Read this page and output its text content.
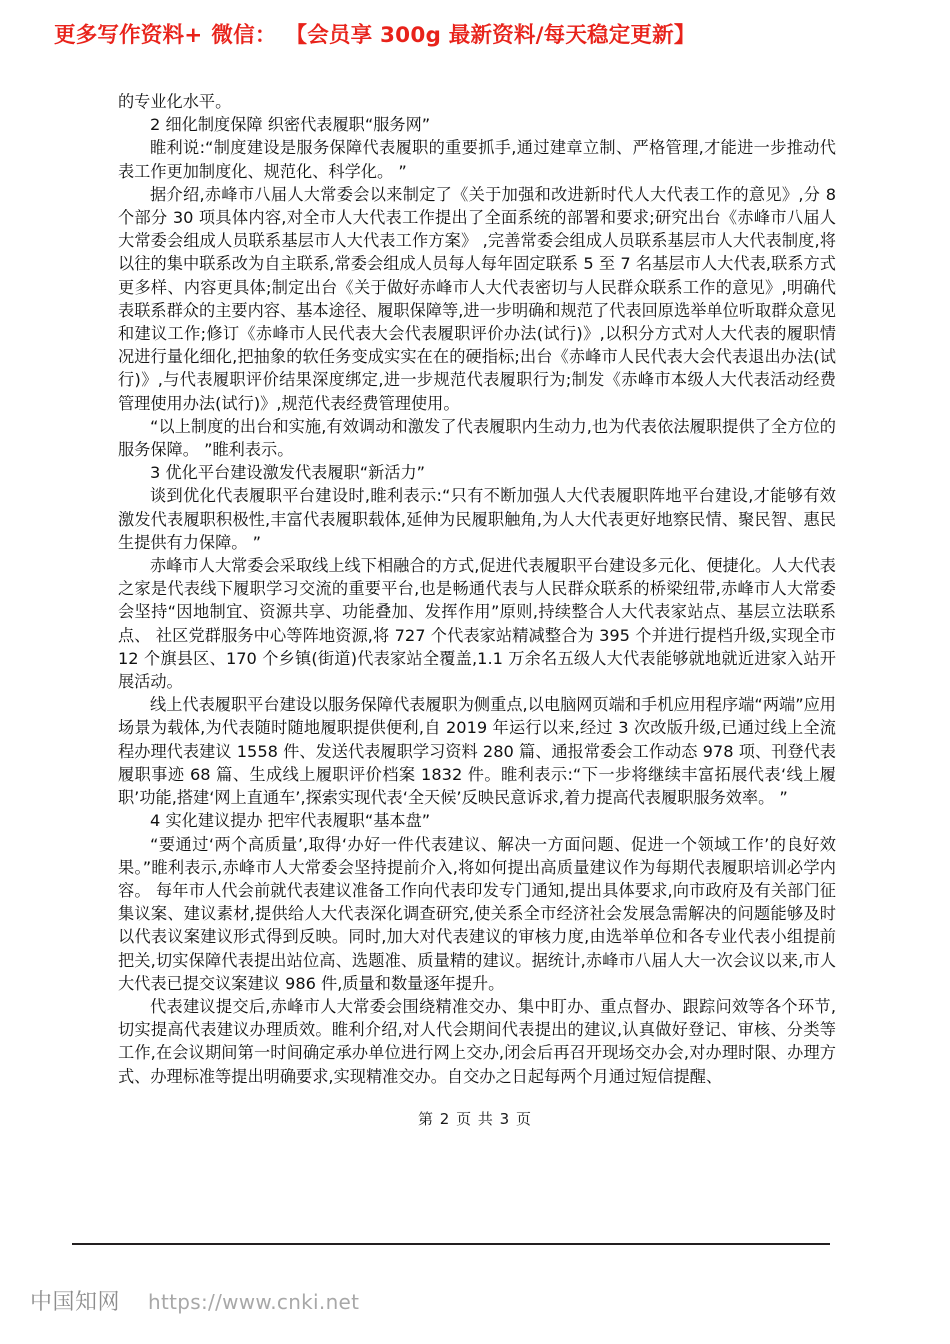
更多写作资料+ 微信： 【会员享 300g 最新资料/每天稳定更新】

的专业化水平。

2 细化制度保障 织密代表履职“服务网”

睢利说:“制度建设是服务保障代表履职的重要抓手,通过建章立制、严格管理,才能进一步推动代表工作更加制度化、规范化、科学化。 ”

据介绍,赤峰市八届人大常委会以来制定了《关于加强和改进新时代人大代表工作的意见》,分 8 个部分 30 项具体内容,对全市人大代表工作提出了全面系统的部署和要求;研究出台《赤峰市八届人大常委会组成人员联系基层市人大代表工作方案》 ,完善常委会组成人员联系基层市人大代表制度,将以往的集中联系改为自主联系,常委会组成人员每人每年固定联系 5 至 7 名基层市人大代表,联系方式更多样、内容更具体;制定出台《关于做好赤峰市人大代表密切与人民群众联系工作的意见》,明确代表联系群众的主要内容、基本途径、履职保障等,进一步明确和规范了代表回原选举单位听取群众意见和建议工作;修订《赤峰市人民代表大会代表履职评价办法(试行)》,以积分方式对人大代表的履职情况进行量化细化,把抽象的软任务变成实实在在的硬指标;出台《赤峰市人民代表大会代表退出办法(试行)》,与代表履职评价结果深度绑定,进一步规范代表履职行为;制发《赤峰市本级人大代表活动经费管理使用办法(试行)》,规范代表经费管理使用。

“以上制度的出台和实施,有效调动和激发了代表履职内生动力,也为代表依法履职提供了全方位的服务保障。 ”睢利表示。

3 优化平台建设激发代表履职“新活力”

谈到优化代表履职平台建设时,睢利表示:“只有不断加强人大代表履职阵地平台建设,才能够有效激发代表履职积极性,丰富代表履职载体,延伸为民履职触角,为人大代表更好地察民情、聚民智、惠民生提供有力保障。 ”

赤峰市人大常委会采取线上线下相融合的方式,促进代表履职平台建设多元化、便捷化。人大代表之家是代表线下履职学习交流的重要平台,也是畅通代表与人民群众联系的桥梁纽带,赤峰市人大常委会坚持“因地制宜、资源共享、功能叠加、发挥作用”原则,持续整合人大代表家站点、基层立法联系点、 社区党群服务中心等阵地资源,将 727 个代表家站精减整合为 395 个并进行提档升级,实现全市 12 个旗县区、170 个乡镇(街道)代表家站全覆盖,1.1 万余名五级人大代表能够就地就近进家入站开展活动。

线上代表履职平台建设以服务保障代表履职为侧重点,以电脑网页端和手机应用程序端“两端”应用场景为载体,为代表随时随地履职提供便利,自 2019 年运行以来,经过 3 次改版升级,已通过线上全流程办理代表建议 1558 件、发送代表履职学习资料 280 篇、通报常委会工作动态 978 项、刊登代表履职事迹 68 篇、生成线上履职评价档案 1832 件。睢利表示:“下一步将继续丰富拓展代表‘线上履职’功能,搭建‘网上直通车’,探索实现代表‘全天候’反映民意诉求,着力提高代表履职服务效率。 ”

4 实化建议提办 把牢代表履职“基本盘”

“要通过‘两个高质量’,取得‘办好一件代表建议、解决一方面问题、促进一个领域工作’的良好效果。”睢利表示,赤峰市人大常委会坚持提前介入,将如何提出高质量建议作为每期代表履职培训必学内容。 每年市人代会前就代表建议准备工作向代表印发专门通知,提出具体要求,向市政府及有关部门征集议案、建议素材,提供给人大代表深化调查研究,使关系全市经济社会发展急需解决的问题能够及时以代表议案建议形式得到反映。同时,加大对代表建议的审核力度,由选举单位和各专业代表小组提前把关,切实保障代表提出站位高、选题准、质量精的建议。据统计,赤峰市八届人大一次会议以来,市人大代表已提交议案建议 986 件,质量和数量逐年提升。

代表建议提交后,赤峰市人大常委会围绕精准交办、集中盯办、重点督办、跟踪问效等各个环节,切实提高代表建议办理质效。睢利介绍,对人代会期间代表提出的建议,认真做好登记、审核、分类等工作,在会议期间第一时间确定承办单位进行网上交办,闭会后再召开现场交办会,对办理时限、办理方式、办理标准等提出明确要求,实现精准交办。自交办之日起每两个月通过短信提醒、

第 2 页 共 3 页
中国知网 https://www.cnki.net
